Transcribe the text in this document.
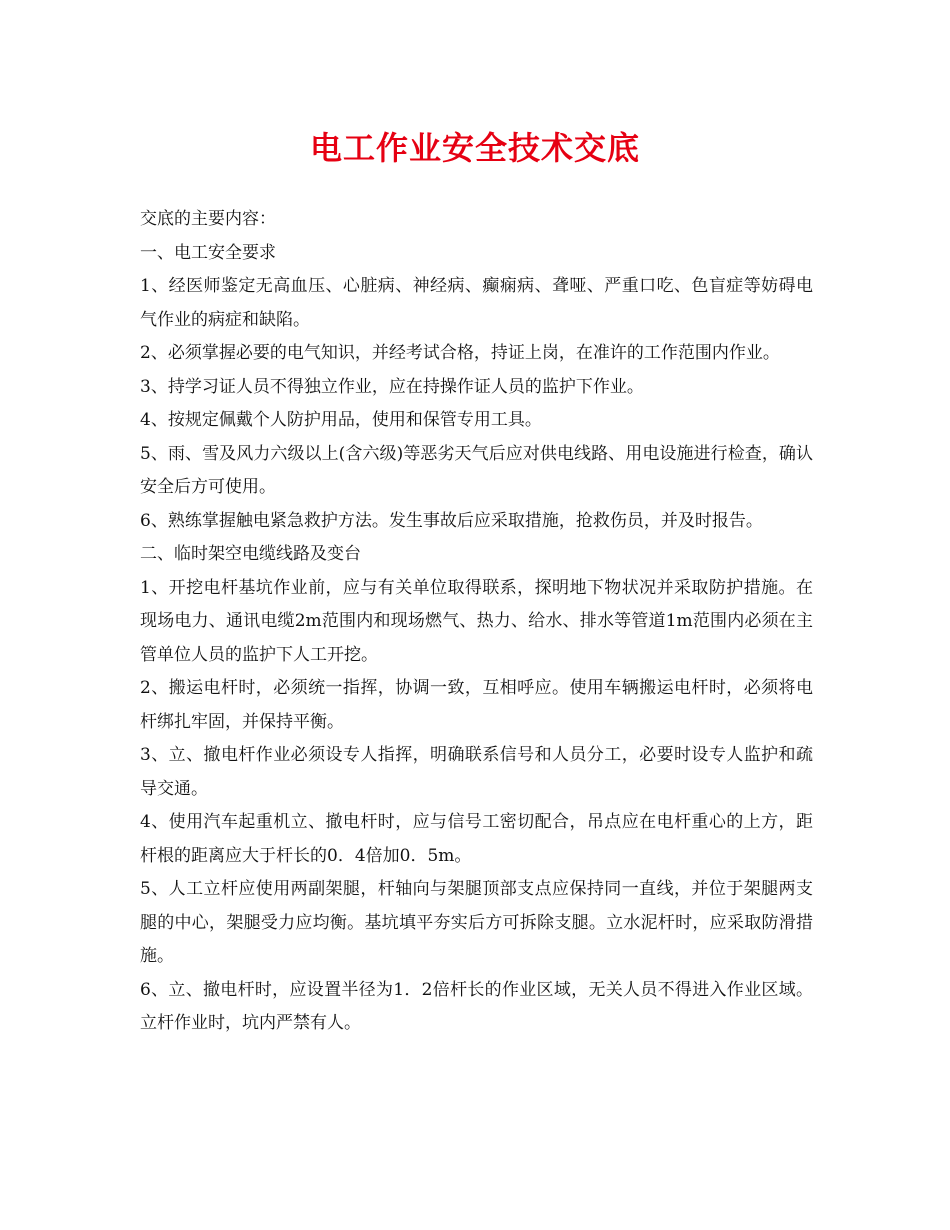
电工作业安全技术交底

交底的主要内容：

一、电工安全要求

1、经医师鉴定无高血压、心脏病、神经病、癫痫病、聋哑、严重口吃、色盲症等妨碍电气作业的病症和缺陷。

2、必须掌握必要的电气知识，并经考试合格，持证上岗，在准许的工作范围内作业。

3、持学习证人员不得独立作业，应在持操作证人员的监护下作业。

4、按规定佩戴个人防护用品，使用和保管专用工具。

5、雨、雪及风力六级以上(含六级)等恶劣天气后应对供电线路、用电设施进行检查，确认安全后方可使用。

6、熟练掌握触电紧急救护方法。发生事故后应采取措施，抢救伤员，并及时报告。

二、临时架空电缆线路及变台

1、开挖电杆基坑作业前，应与有关单位取得联系，探明地下物状况并采取防护措施。在现场电力、通讯电缆2m范围内和现场燃气、热力、给水、排水等管道1m范围内必须在主管单位人员的监护下人工开挖。

2、搬运电杆时，必须统一指挥，协调一致，互相呼应。使用车辆搬运电杆时，必须将电杆绑扎牢固，并保持平衡。

3、立、撤电杆作业必须设专人指挥，明确联系信号和人员分工，必要时设专人监护和疏导交通。

4、使用汽车起重机立、撤电杆时，应与信号工密切配合，吊点应在电杆重心的上方，距杆根的距离应大于杆长的0．4倍加0．5m。

5、人工立杆应使用两副架腿，杆轴向与架腿顶部支点应保持同一直线，并位于架腿两支腿的中心，架腿受力应均衡。基坑填平夯实后方可拆除支腿。立水泥杆时，应采取防滑措施。

6、立、撤电杆时，应设置半径为1．2倍杆长的作业区域，无关人员不得进入作业区域。立杆作业时，坑内严禁有人。
